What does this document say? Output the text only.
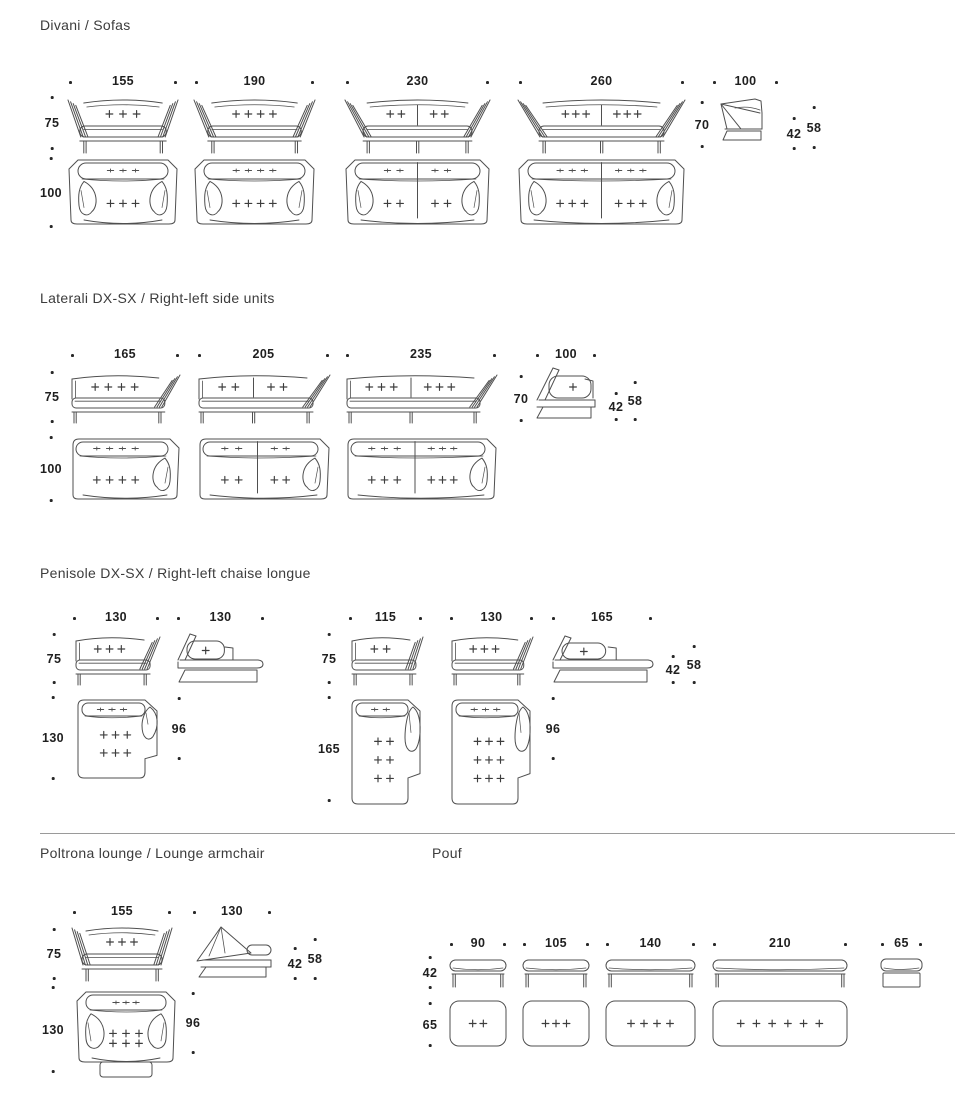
Divani / Sofas
155	190	230	260	100
75
100
70
42 58
Laterali DX-SX / Right-left side units
165	205	235	100
75
100
70
42 58
Penisole DX-SX / Right-left chaise longue
130	130	115	130	165
75
130
96
75
165
96
42 58
Poltrona lounge / Lounge armchair
155	130
75
130	96
42 58
Pouf
90	105	140	210	65
42
65
